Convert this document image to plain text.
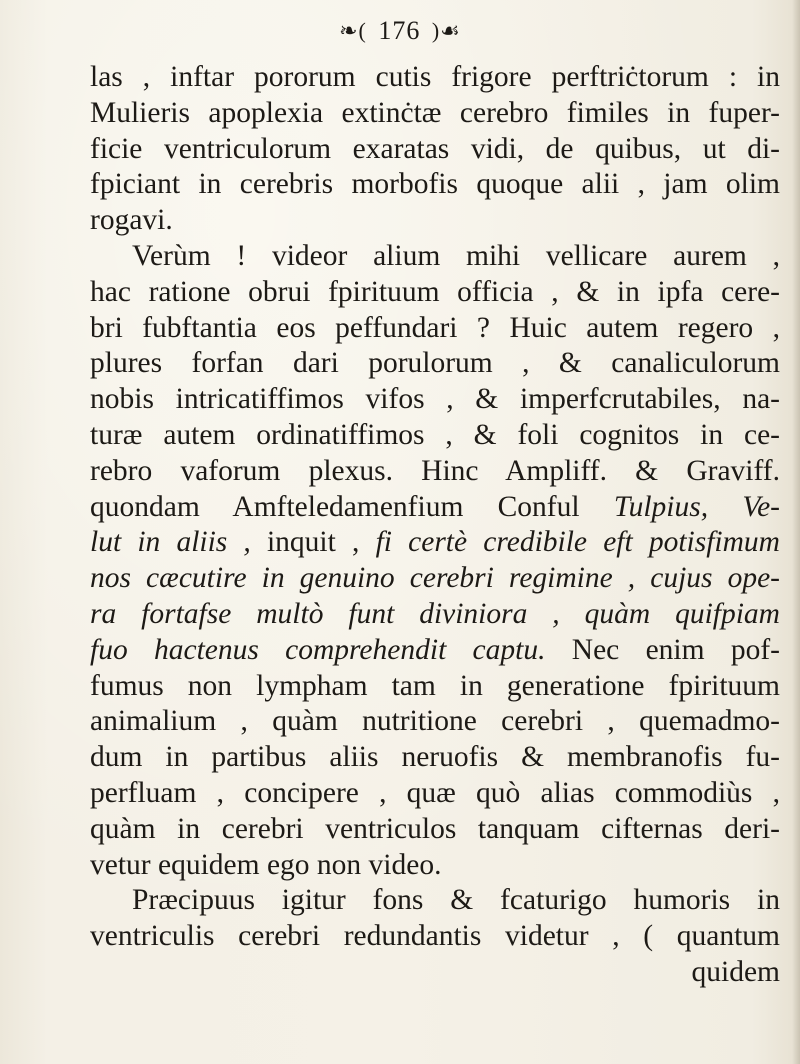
❧( 176 )☙
las , inftar pororum cutis frigore perftriċtorum : in
Mulieris apoplexia extinċtæ cerebro fimiles in fuper-
ficie ventriculorum exaratas vidi, de quibus, ut di-
fpiciant in cerebris morbofis quoque alii , jam olim
rogavi.
Verùm ! videor alium mihi vellicare aurem ,
hac ratione obrui fpirituum officia , & in ipfa cere-
bri fubftantia eos peffundari ? Huic autem regero ,
plures forfan dari porulorum , & canaliculorum
nobis intricatiffimos vifos , & imperfcrutabiles, na-
turæ autem ordinatiffimos , & foli cognitos in ce-
rebro vaforum plexus. Hinc Ampliff. & Graviff.
quondam Amfteledamenfium Conful Tulpius, Ve-
lut in aliis , inquit , fi certè credibile eft potisfimum
nos cæcutire in genuino cerebri regimine , cujus ope-
ra fortafse multò funt diviniora , quàm quifpiam
fuo hactenus comprehendit captu. Nec enim pof-
fumus non lympham tam in generatione fpirituum
animalium , quàm nutritione cerebri , quemadmo-
dum in partibus aliis neruofis & membranofis fu-
perfluam , concipere , quæ quò alias commodiùs ,
quàm in cerebri ventriculos tanquam cifternas deri-
vetur equidem ego non video.
Præcipuus igitur fons & fcaturigo humoris in
ventriculis cerebri redundantis videtur , ( quantum
quidem
